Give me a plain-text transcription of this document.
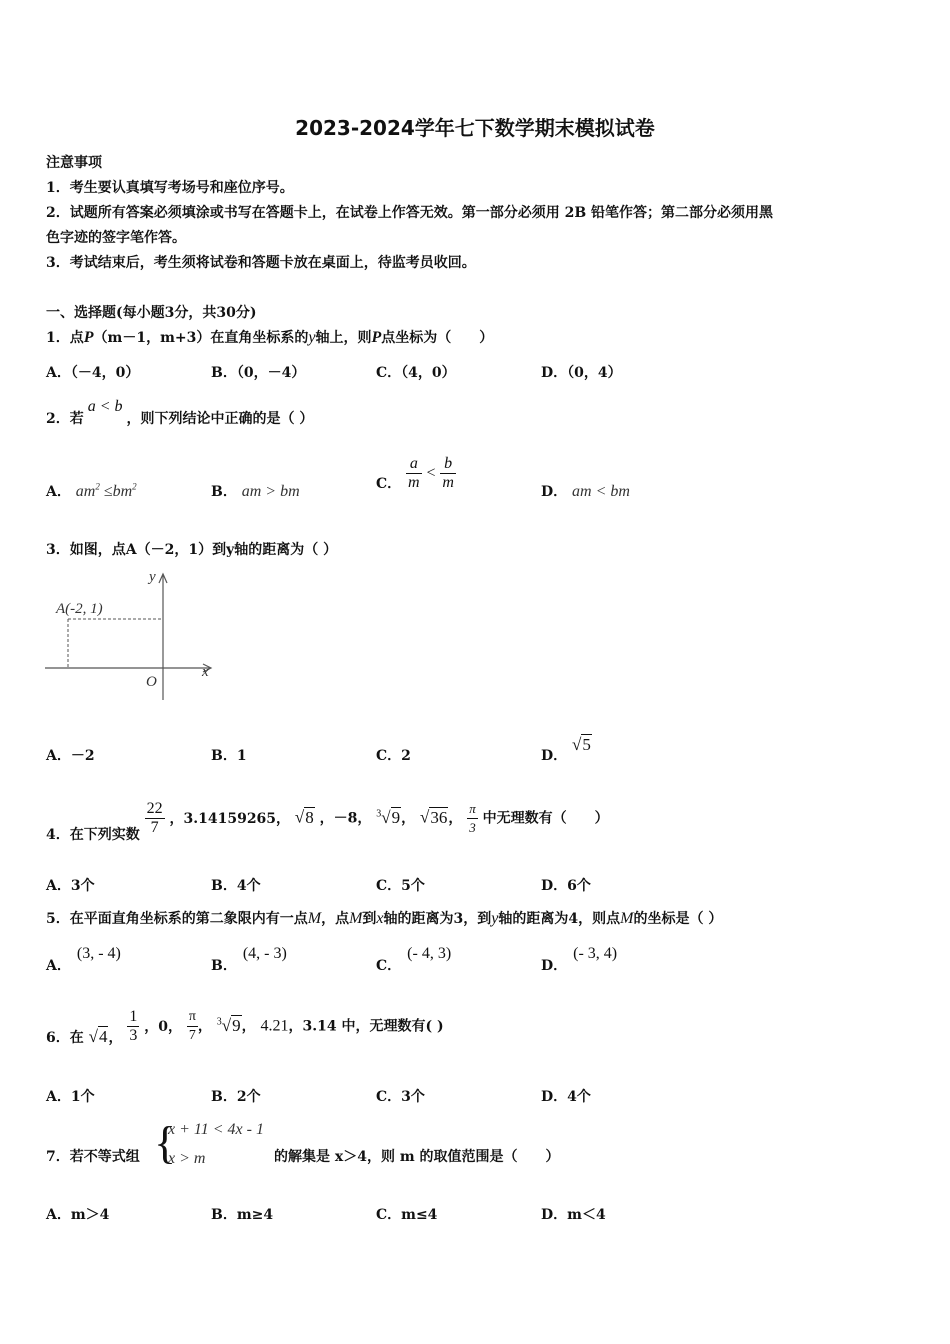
2023-2024学年七下数学期末模拟试卷
注意事项
1．考生要认真填写考场号和座位序号。
2．试题所有答案必须填涂或书写在答题卡上，在试卷上作答无效。第一部分必须用 2B 铅笔作答；第二部分必须用黑
色字迹的签字笔作答。
3．考试结束后，考生须将试卷和答题卡放在桌面上，待监考员收回。
一、选择题(每小题3分，共30分)
1．点P（m－1，m+3）在直角坐标系的y轴上，则P点坐标为（　　）
A．（－4，0）	B．（0，－4）	C．（4，0）	D．（0，4）
2．若a < b，则下列结论中正确的是（ ）
A． $am^2 \le bm^2$	B． am > bm	C． $\frac{a}{m} < \frac{b}{m}$	D． am < bm
3．如图，点A（－2，1）到y轴的距离为（ ）
A(-2, 1)
y
x
O
A．－2	B．1	C．2	D． √5
4．在下列实数 $\frac{22}{7}$ ，3.14159265， √8 ，－8， $^3$√9， √36， $\frac{\pi}{3}$ 中无理数有（　　）
A．3个	B．4个	C．5个	D．6个
5．在平面直角坐标系的第二象限内有一点M，点M到x轴的距离为3，到y轴的距离为4，则点M的坐标是（ ）
A．(3, - 4)
B．(4, - 3)
C．(- 4, 3)
D．(- 3, 4)
6．在 √4， $\frac{1}{3}$ ，0， $\frac{\pi}{7}$ ， $^3$√9， 4.21，3.14 中，无理数有( )
A．1个	B．2个	C．3个	D．4个
7．若不等式组 {
x + 11 < 4x - 1
x > m	的解集是 x＞4，则 m 的取值范围是（　　）
A．m＞4	B．m≥4	C．m≤4	D．m＜4
